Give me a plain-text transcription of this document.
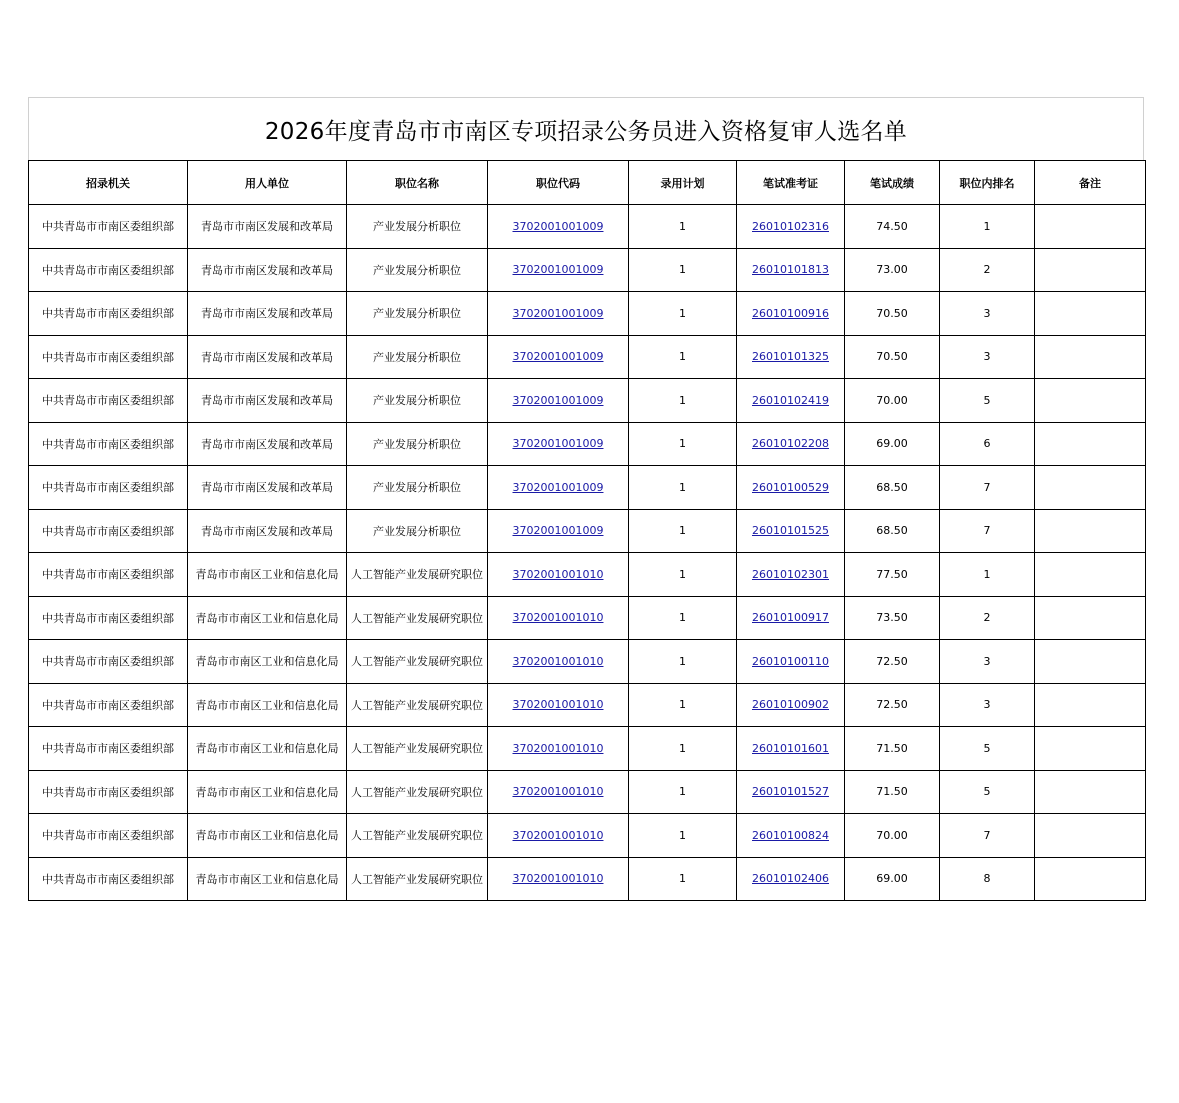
2026年度青岛市市南区专项招录公务员进入资格复审人选名单
招录机关	用人单位	职位名称	职位代码	录用计划	笔试准考证	笔试成绩	职位内排名	备注
中共青岛市市南区委组织部	青岛市市南区发展和改革局	产业发展分析职位	3702001001009	1	26010102316	74.50	1	
中共青岛市市南区委组织部	青岛市市南区发展和改革局	产业发展分析职位	3702001001009	1	26010101813	73.00	2	
中共青岛市市南区委组织部	青岛市市南区发展和改革局	产业发展分析职位	3702001001009	1	26010100916	70.50	3	
中共青岛市市南区委组织部	青岛市市南区发展和改革局	产业发展分析职位	3702001001009	1	26010101325	70.50	3	
中共青岛市市南区委组织部	青岛市市南区发展和改革局	产业发展分析职位	3702001001009	1	26010102419	70.00	5	
中共青岛市市南区委组织部	青岛市市南区发展和改革局	产业发展分析职位	3702001001009	1	26010102208	69.00	6	
中共青岛市市南区委组织部	青岛市市南区发展和改革局	产业发展分析职位	3702001001009	1	26010100529	68.50	7	
中共青岛市市南区委组织部	青岛市市南区发展和改革局	产业发展分析职位	3702001001009	1	26010101525	68.50	7	
中共青岛市市南区委组织部	青岛市市南区工业和信息化局	人工智能产业发展研究职位	3702001001010	1	26010102301	77.50	1	
中共青岛市市南区委组织部	青岛市市南区工业和信息化局	人工智能产业发展研究职位	3702001001010	1	26010100917	73.50	2	
中共青岛市市南区委组织部	青岛市市南区工业和信息化局	人工智能产业发展研究职位	3702001001010	1	26010100110	72.50	3	
中共青岛市市南区委组织部	青岛市市南区工业和信息化局	人工智能产业发展研究职位	3702001001010	1	26010100902	72.50	3	
中共青岛市市南区委组织部	青岛市市南区工业和信息化局	人工智能产业发展研究职位	3702001001010	1	26010101601	71.50	5	
中共青岛市市南区委组织部	青岛市市南区工业和信息化局	人工智能产业发展研究职位	3702001001010	1	26010101527	71.50	5	
中共青岛市市南区委组织部	青岛市市南区工业和信息化局	人工智能产业发展研究职位	3702001001010	1	26010100824	70.00	7	
中共青岛市市南区委组织部	青岛市市南区工业和信息化局	人工智能产业发展研究职位	3702001001010	1	26010102406	69.00	8	
